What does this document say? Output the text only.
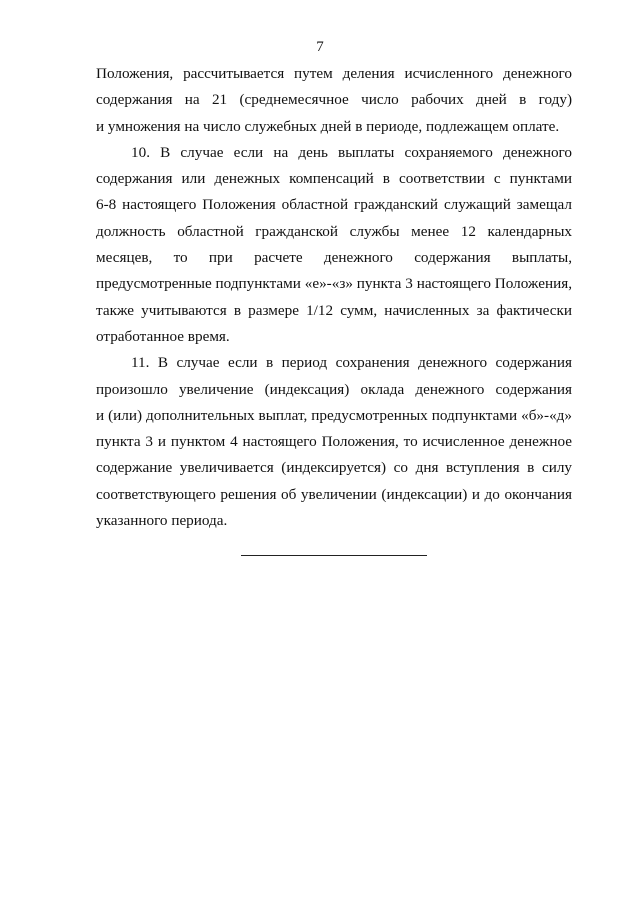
7

Положения, рассчитывается путем деления исчисленного денежного
содержания на 21 (среднемесячное число рабочих дней в году)
и умножения на число служебных дней в периоде, подлежащем оплате.

10. В случае если на день выплаты сохраняемого денежного
содержания или денежных компенсаций в соответствии с пунктами
6-8 настоящего Положения областной гражданский служащий замещал
должность областной гражданской службы менее 12 календарных
месяцев, то при расчете денежного содержания выплаты,
предусмотренные подпунктами «е»-«з» пункта 3 настоящего Положения,
также учитываются в размере 1/12 сумм, начисленных за фактически
отработанное время.

11. В случае если в период сохранения денежного содержания
произошло увеличение (индексация) оклада денежного содержания
и (или) дополнительных выплат, предусмотренных подпунктами «б»-«д»
пункта 3 и пунктом 4 настоящего Положения, то исчисленное денежное
содержание увеличивается (индексируется) со дня вступления в силу
соответствующего решения об увеличении (индексации) и до окончания
указанного периода.
